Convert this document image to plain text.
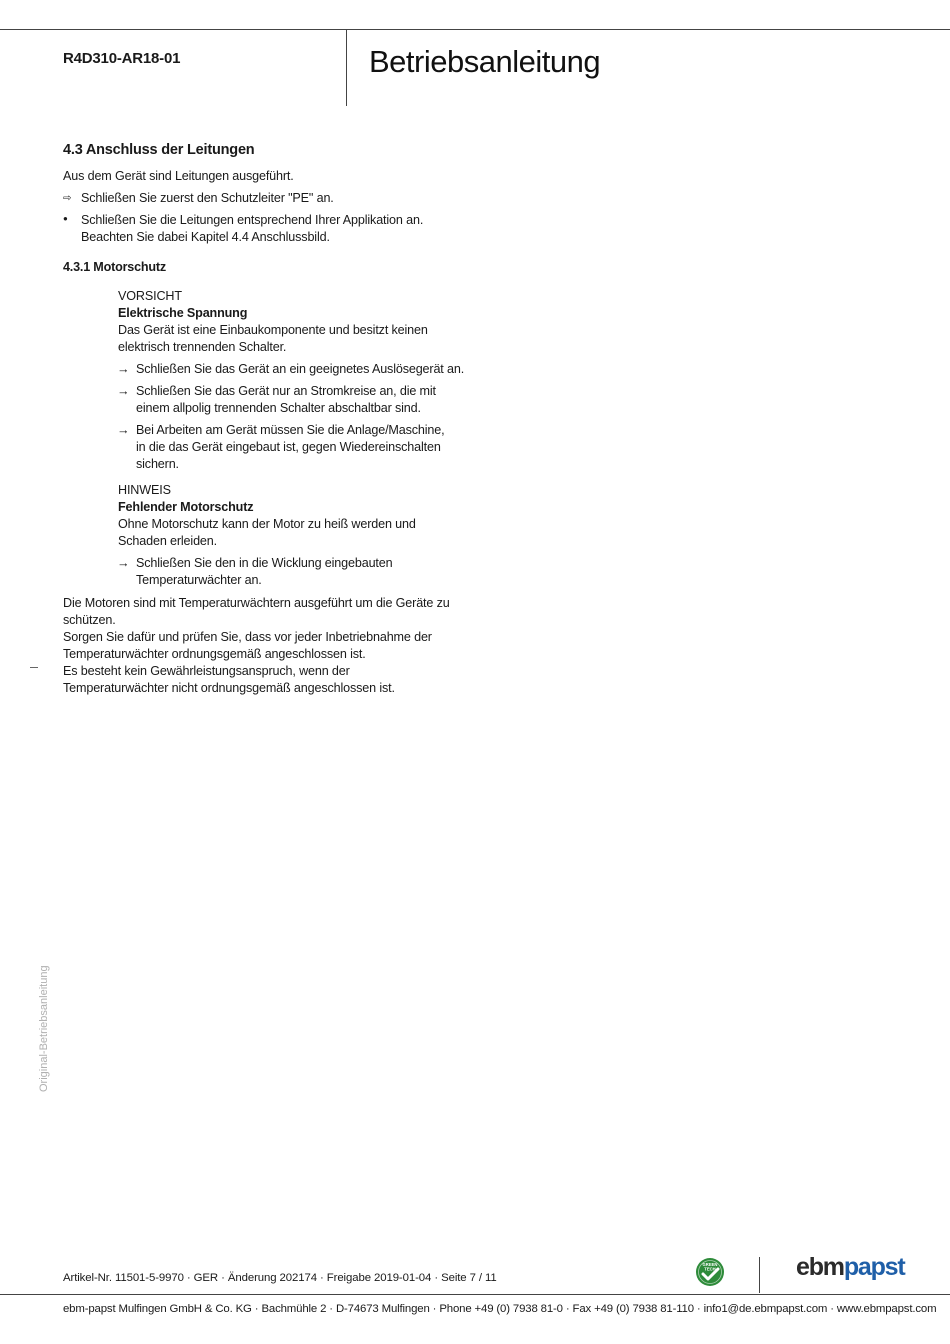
R4D310-AR18-01	Betriebsanleitung
4.3 Anschluss der Leitungen
Aus dem Gerät sind Leitungen ausgeführt.
⇨ Schließen Sie zuerst den Schutzleiter "PE" an.
● Schließen Sie die Leitungen entsprechend Ihrer Applikation an.
Beachten Sie dabei Kapitel 4.4 Anschlussbild.
4.3.1 Motorschutz
VORSICHT
Elektrische Spannung
Das Gerät ist eine Einbaukomponente und besitzt keinen
elektrisch trennenden Schalter.
→ Schließen Sie das Gerät an ein geeignetes Auslösegerät an.
→ Schließen Sie das Gerät nur an Stromkreise an, die mit
einem allpolig trennenden Schalter abschaltbar sind.
→ Bei Arbeiten am Gerät müssen Sie die Anlage/Maschine,
in die das Gerät eingebaut ist, gegen Wiedereinschalten
sichern.
HINWEIS
Fehlender Motorschutz
Ohne Motorschutz kann der Motor zu heiß werden und
Schaden erleiden.
→ Schließen Sie den in die Wicklung eingebauten
Temperaturwächter an.
Die Motoren sind mit Temperaturwächtern ausgeführt um die Geräte zu
schützen.
Sorgen Sie dafür und prüfen Sie, dass vor jeder Inbetriebnahme der
Temperaturwächter ordnungsgemäß angeschlossen ist.
Es besteht kein Gewährleistungsanspruch, wenn der
Temperaturwächter nicht ordnungsgemäß angeschlossen ist.
Original-Betriebsanleitung
Artikel-Nr. 11501-5-9970 · GER · Änderung 202174 · Freigabe 2019-01-04 · Seite 7 / 11
GREEN
TECH	ebmpapst
ebm-papst Mulfingen GmbH & Co. KG · Bachmühle 2 · D-74673 Mulfingen · Phone +49 (0) 7938 81-0 · Fax +49 (0) 7938 81-110 · info1@de.ebmpapst.com · www.ebmpapst.com
